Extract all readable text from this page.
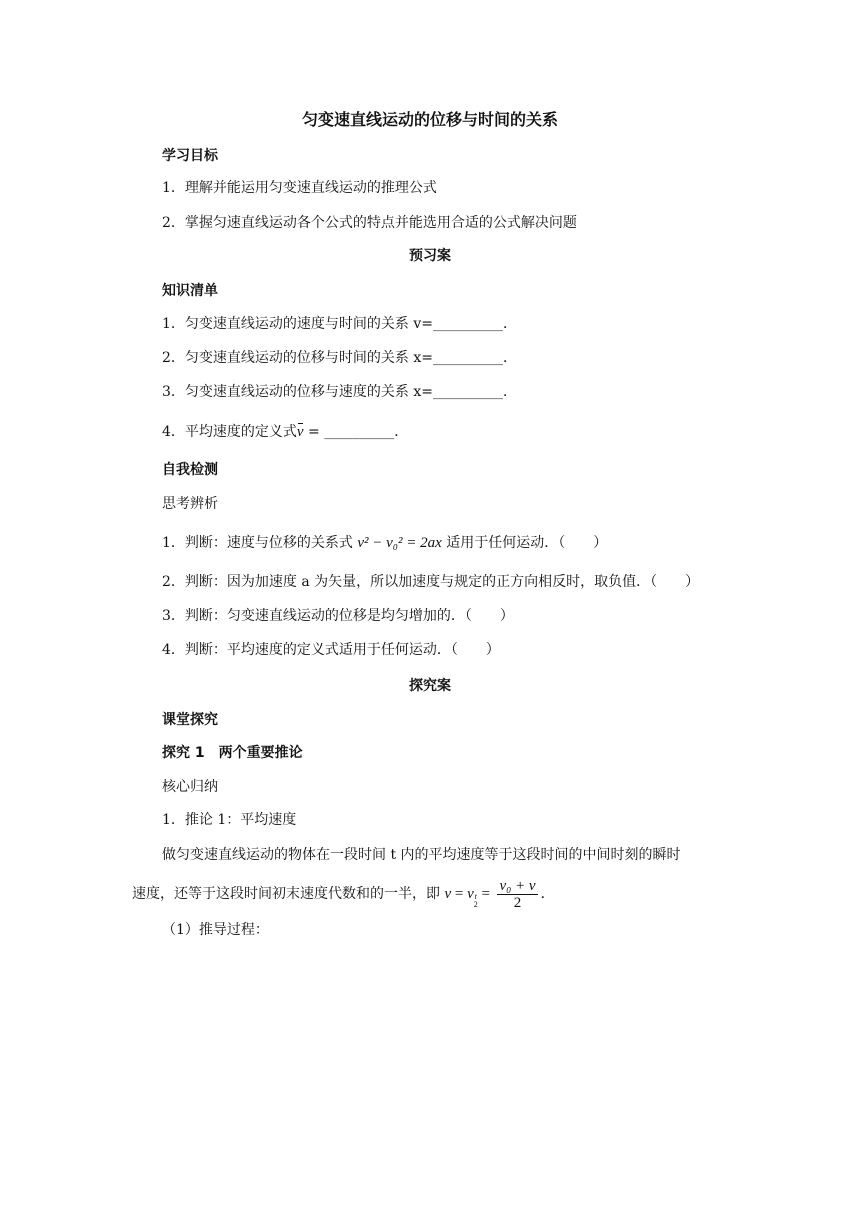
匀变速直线运动的位移与时间的关系
学习目标
1．理解并能运用匀变速直线运动的推理公式
2．掌握匀速直线运动各个公式的特点并能选用合适的公式解决问题
预习案
知识清单
1．匀变速直线运动的速度与时间的关系 v=__________．
2．匀变速直线运动的位移与时间的关系 x=__________．
3．匀变速直线运动的位移与速度的关系 x=__________．
4．平均速度的定义式v = __________．
自我检测
思考辨析
1．判断：速度与位移的关系式 v² − v₀² = 2ax 适用于任何运动．（　　）
2．判断：因为加速度 a 为矢量，所以加速度与规定的正方向相反时，取负值．（　　）
3．判断：匀变速直线运动的位移是均匀增加的．（　　）
4．判断：平均速度的定义式适用于任何运动．（　　）
探究案
课堂探究
探究 1　两个重要推论
核心归纳
1．推论 1：平均速度
做匀变速直线运动的物体在一段时间 t 内的平均速度等于这段时间的中间时刻的瞬时
速度，还等于这段时间初末速度代数和的一半，即 v = v t
2
= $\frac{\text{v₀ + v}}{2}$ ．
（1）推导过程：
